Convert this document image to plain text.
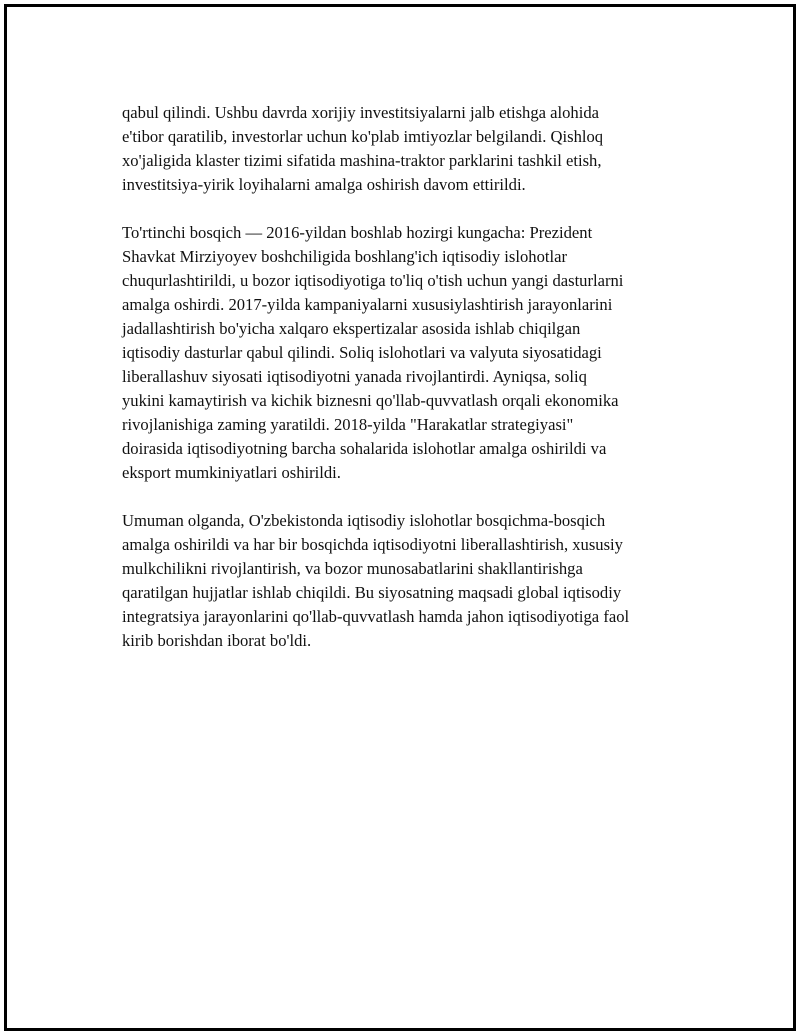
qabul qilindi. Ushbu davrda xorijiy investitsiyalarni jalb etishga alohida
e'tibor qaratilib, investorlar uchun ko'plab imtiyozlar belgilandi. Qishloq
xo'jaligida klaster tizimi sifatida mashina-traktor parklarini tashkil etish,
investitsiya-yirik loyihalarni amalga oshirish davom ettirildi.

To'rtinchi bosqich — 2016-yildan boshlab hozirgi kungacha: Prezident
Shavkat Mirziyoyev boshchiligida boshlang'ich iqtisodiy islohotlar
chuqurlashtirildi, u bozor iqtisodiyotiga to'liq o'tish uchun yangi dasturlarni
amalga oshirdi. 2017-yilda kampaniyalarni xususiylashtirish jarayonlarini
jadallashtirish bo'yicha xalqaro ekspertizalar asosida ishlab chiqilgan
iqtisodiy dasturlar qabul qilindi. Soliq islohotlari va valyuta siyosatidagi
liberallashuv siyosati iqtisodiyotni yanada rivojlantirdi. Ayniqsa, soliq
yukini kamaytirish va kichik biznesni qo'llab-quvvatlash orqali ekonomika
rivojlanishiga zaming yaratildi. 2018-yilda "Harakatlar strategiyasi"
doirasida iqtisodiyotning barcha sohalarida islohotlar amalga oshirildi va
eksport mumkiniyatlari oshirildi.

Umuman olganda, O'zbekistonda iqtisodiy islohotlar bosqichma-bosqich
amalga oshirildi va har bir bosqichda iqtisodiyotni liberallashtirish, xususiy
mulkchilikni rivojlantirish, va bozor munosabatlarini shakllantirishga
qaratilgan hujjatlar ishlab chiqildi. Bu siyosatning maqsadi global iqtisodiy
integratsiya jarayonlarini qo'llab-quvvatlash hamda jahon iqtisodiyotiga faol
kirib borishdan iborat bo'ldi.
